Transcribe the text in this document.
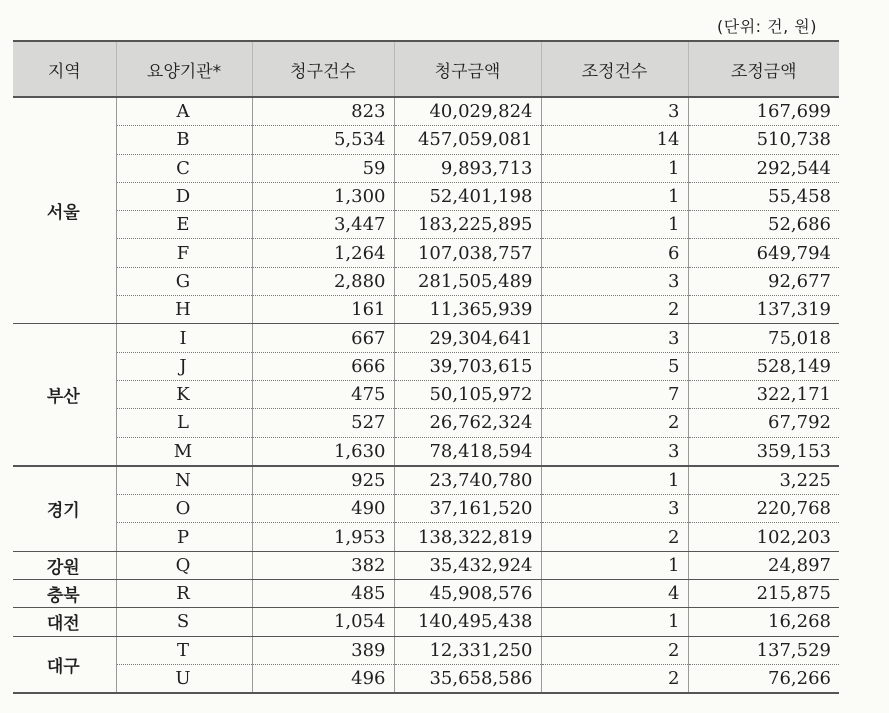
(단위: 건, 원)
지역	요양기관*	청구건수	청구금액	조정건수	조정금액
서울	A	823	40,029,824	3	167,699
	B	5,534	457,059,081	14	510,738
	C	59	9,893,713	1	292,544
	D	1,300	52,401,198	1	55,458
	E	3,447	183,225,895	1	52,686
	F	1,264	107,038,757	6	649,794
	G	2,880	281,505,489	3	92,677
	H	161	11,365,939	2	137,319
부산	I	667	29,304,641	3	75,018
	J	666	39,703,615	5	528,149
	K	475	50,105,972	7	322,171
	L	527	26,762,324	2	67,792
	M	1,630	78,418,594	3	359,153
경기	N	925	23,740,780	1	3,225
	O	490	37,161,520	3	220,768
	P	1,953	138,322,819	2	102,203
강원	Q	382	35,432,924	1	24,897
충북	R	485	45,908,576	4	215,875
대전	S	1,054	140,495,438	1	16,268
대구	T	389	12,331,250	2	137,529
	U	496	35,658,586	2	76,266
